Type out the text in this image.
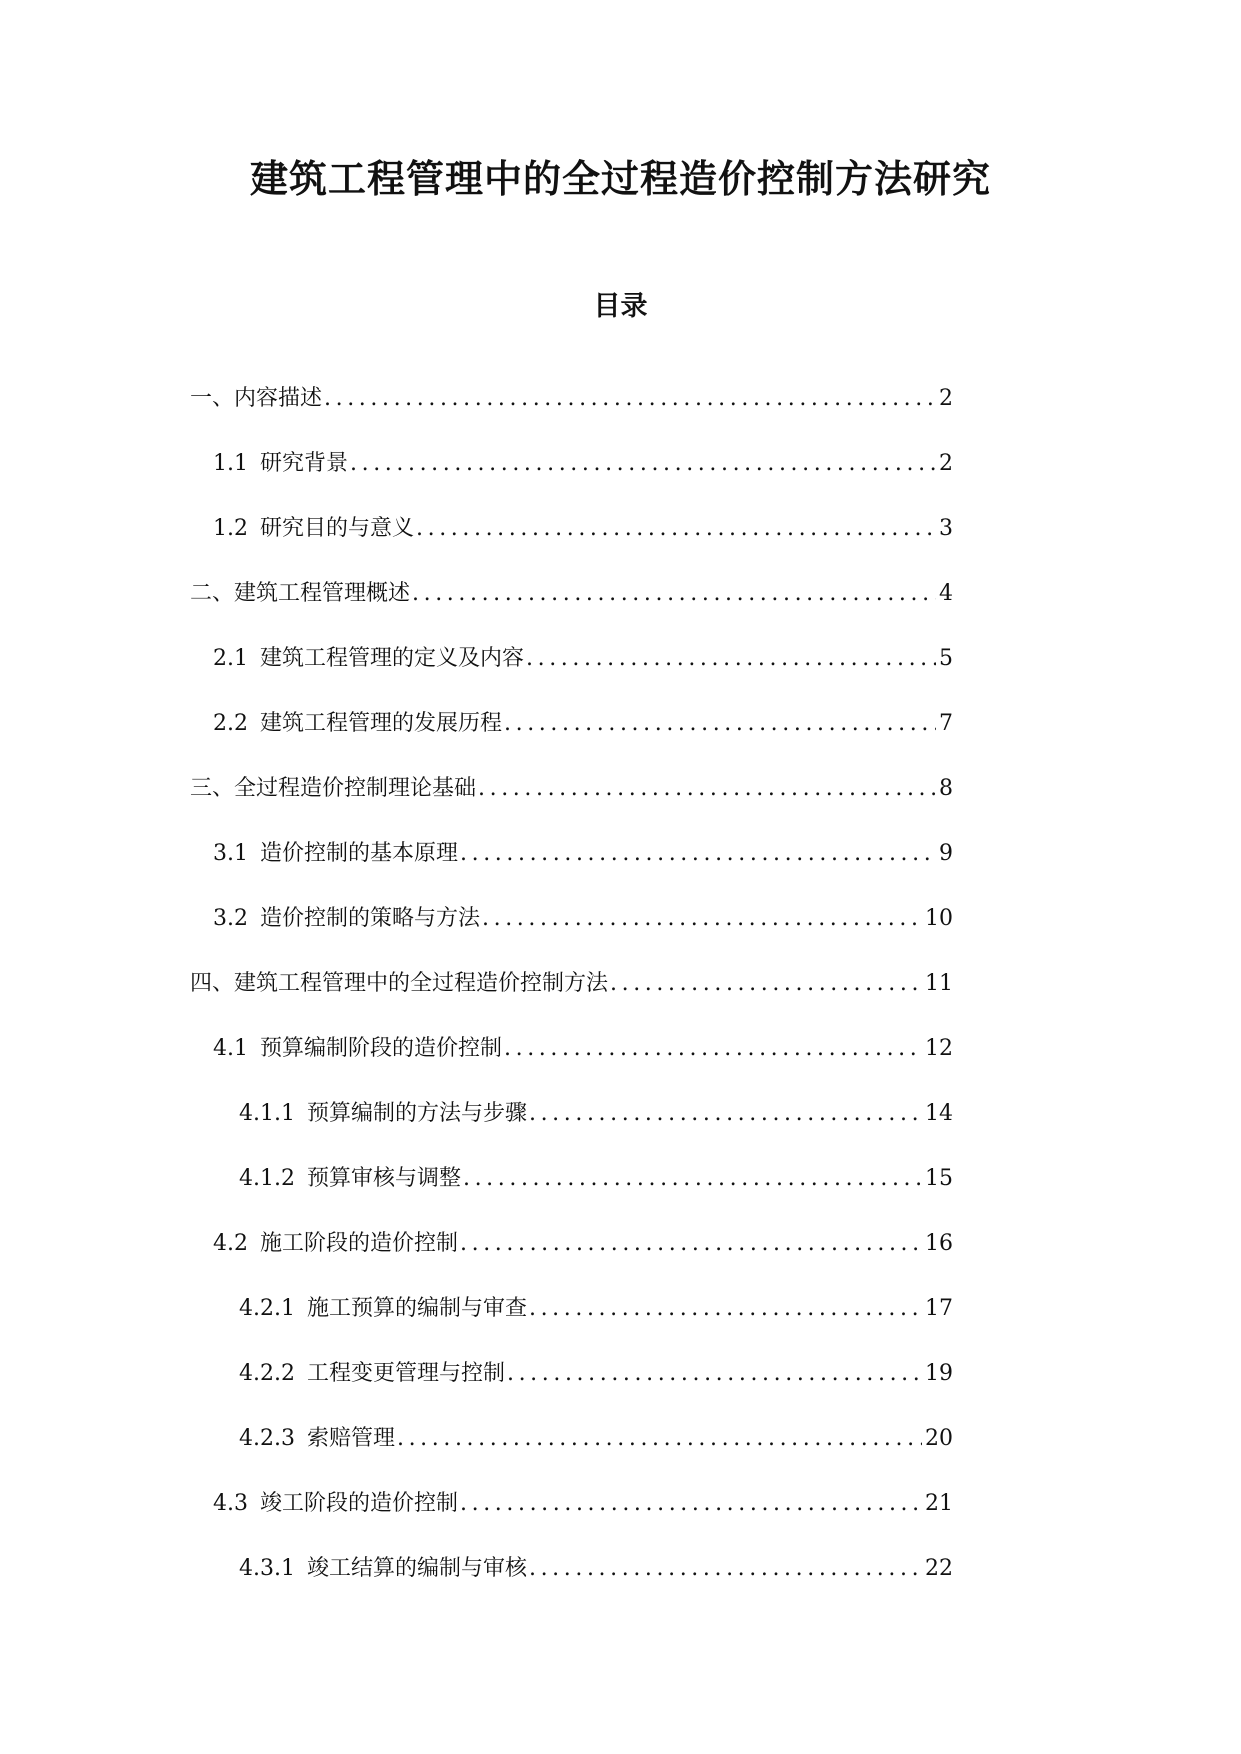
建筑工程管理中的全过程造价控制方法研究
目录
一、内容描述 .....	2
1.1 研究背景 .....	2
1.2 研究目的与意义 .....	3
二、建筑工程管理概述 .....	4
2.1 建筑工程管理的定义及内容 .....	5
2.2 建筑工程管理的发展历程 .....	7
三、全过程造价控制理论基础 .....	8
3.1 造价控制的基本原理 .....	9
3.2 造价控制的策略与方法 .....	10
四、建筑工程管理中的全过程造价控制方法 .....	11
4.1 预算编制阶段的造价控制 .....	12
4.1.1 预算编制的方法与步骤 .....	14
4.1.2 预算审核与调整 .....	15
4.2 施工阶段的造价控制 .....	16
4.2.1 施工预算的编制与审查 .....	17
4.2.2 工程变更管理与控制 .....	19
4.2.3 索赔管理 .....	20
4.3 竣工阶段的造价控制 .....	21
4.3.1 竣工结算的编制与审核 .....	22
